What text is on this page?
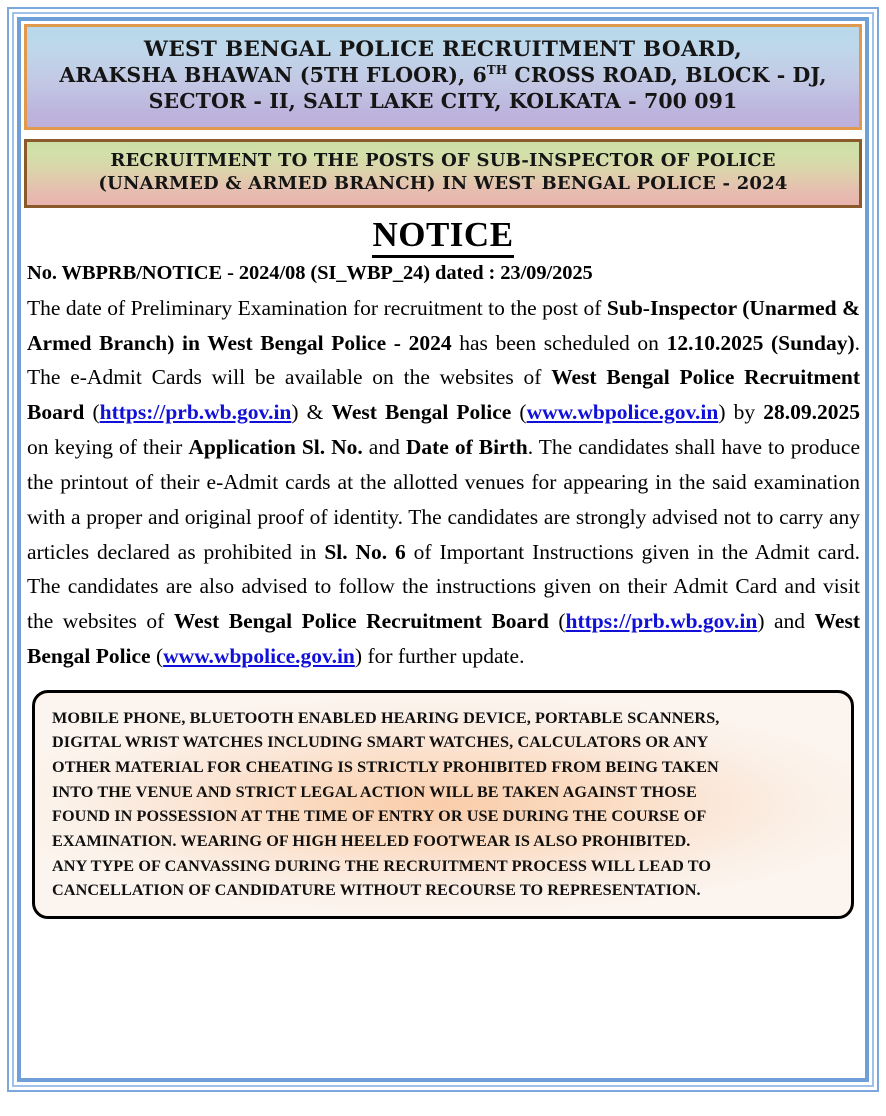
WEST BENGAL POLICE RECRUITMENT BOARD,
ARAKSHA BHAWAN (5TH FLOOR), 6TH CROSS ROAD, BLOCK - DJ,
SECTOR - II, SALT LAKE CITY, KOLKATA - 700 091
RECRUITMENT TO THE POSTS OF SUB-INSPECTOR OF POLICE
(UNARMED & ARMED BRANCH) IN WEST BENGAL POLICE - 2024
NOTICE
No. WBPRB/NOTICE - 2024/08 (SI_WBP_24) dated : 23/09/2025

The date of Preliminary Examination for recruitment to the post of Sub-Inspector (Unarmed & Armed Branch) in West Bengal Police - 2024 has been scheduled on 12.10.2025 (Sunday). The e-Admit Cards will be available on the websites of West Bengal Police Recruitment Board (https://prb.wb.gov.in) & West Bengal Police (www.wbpolice.gov.in) by 28.09.2025 on keying of their Application Sl. No. and Date of Birth. The candidates shall have to produce the printout of their e-Admit cards at the allotted venues for appearing in the said examination with a proper and original proof of identity. The candidates are strongly advised not to carry any articles declared as prohibited in Sl. No. 6 of Important Instructions given in the Admit card. The candidates are also advised to follow the instructions given on their Admit Card and visit the websites of West Bengal Police Recruitment Board (https://prb.wb.gov.in) and West Bengal Police (www.wbpolice.gov.in) for further update.

MOBILE PHONE, BLUETOOTH ENABLED HEARING DEVICE, PORTABLE SCANNERS,
DIGITAL WRIST WATCHES INCLUDING SMART WATCHES, CALCULATORS OR ANY
OTHER MATERIAL FOR CHEATING IS STRICTLY PROHIBITED FROM BEING TAKEN
INTO THE VENUE AND STRICT LEGAL ACTION WILL BE TAKEN AGAINST THOSE
FOUND IN POSSESSION AT THE TIME OF ENTRY OR USE DURING THE COURSE OF
EXAMINATION. WEARING OF HIGH HEELED FOOTWEAR IS ALSO PROHIBITED.
ANY TYPE OF CANVASSING DURING THE RECRUITMENT PROCESS WILL LEAD TO
CANCELLATION OF CANDIDATURE WITHOUT RECOURSE TO REPRESENTATION.
